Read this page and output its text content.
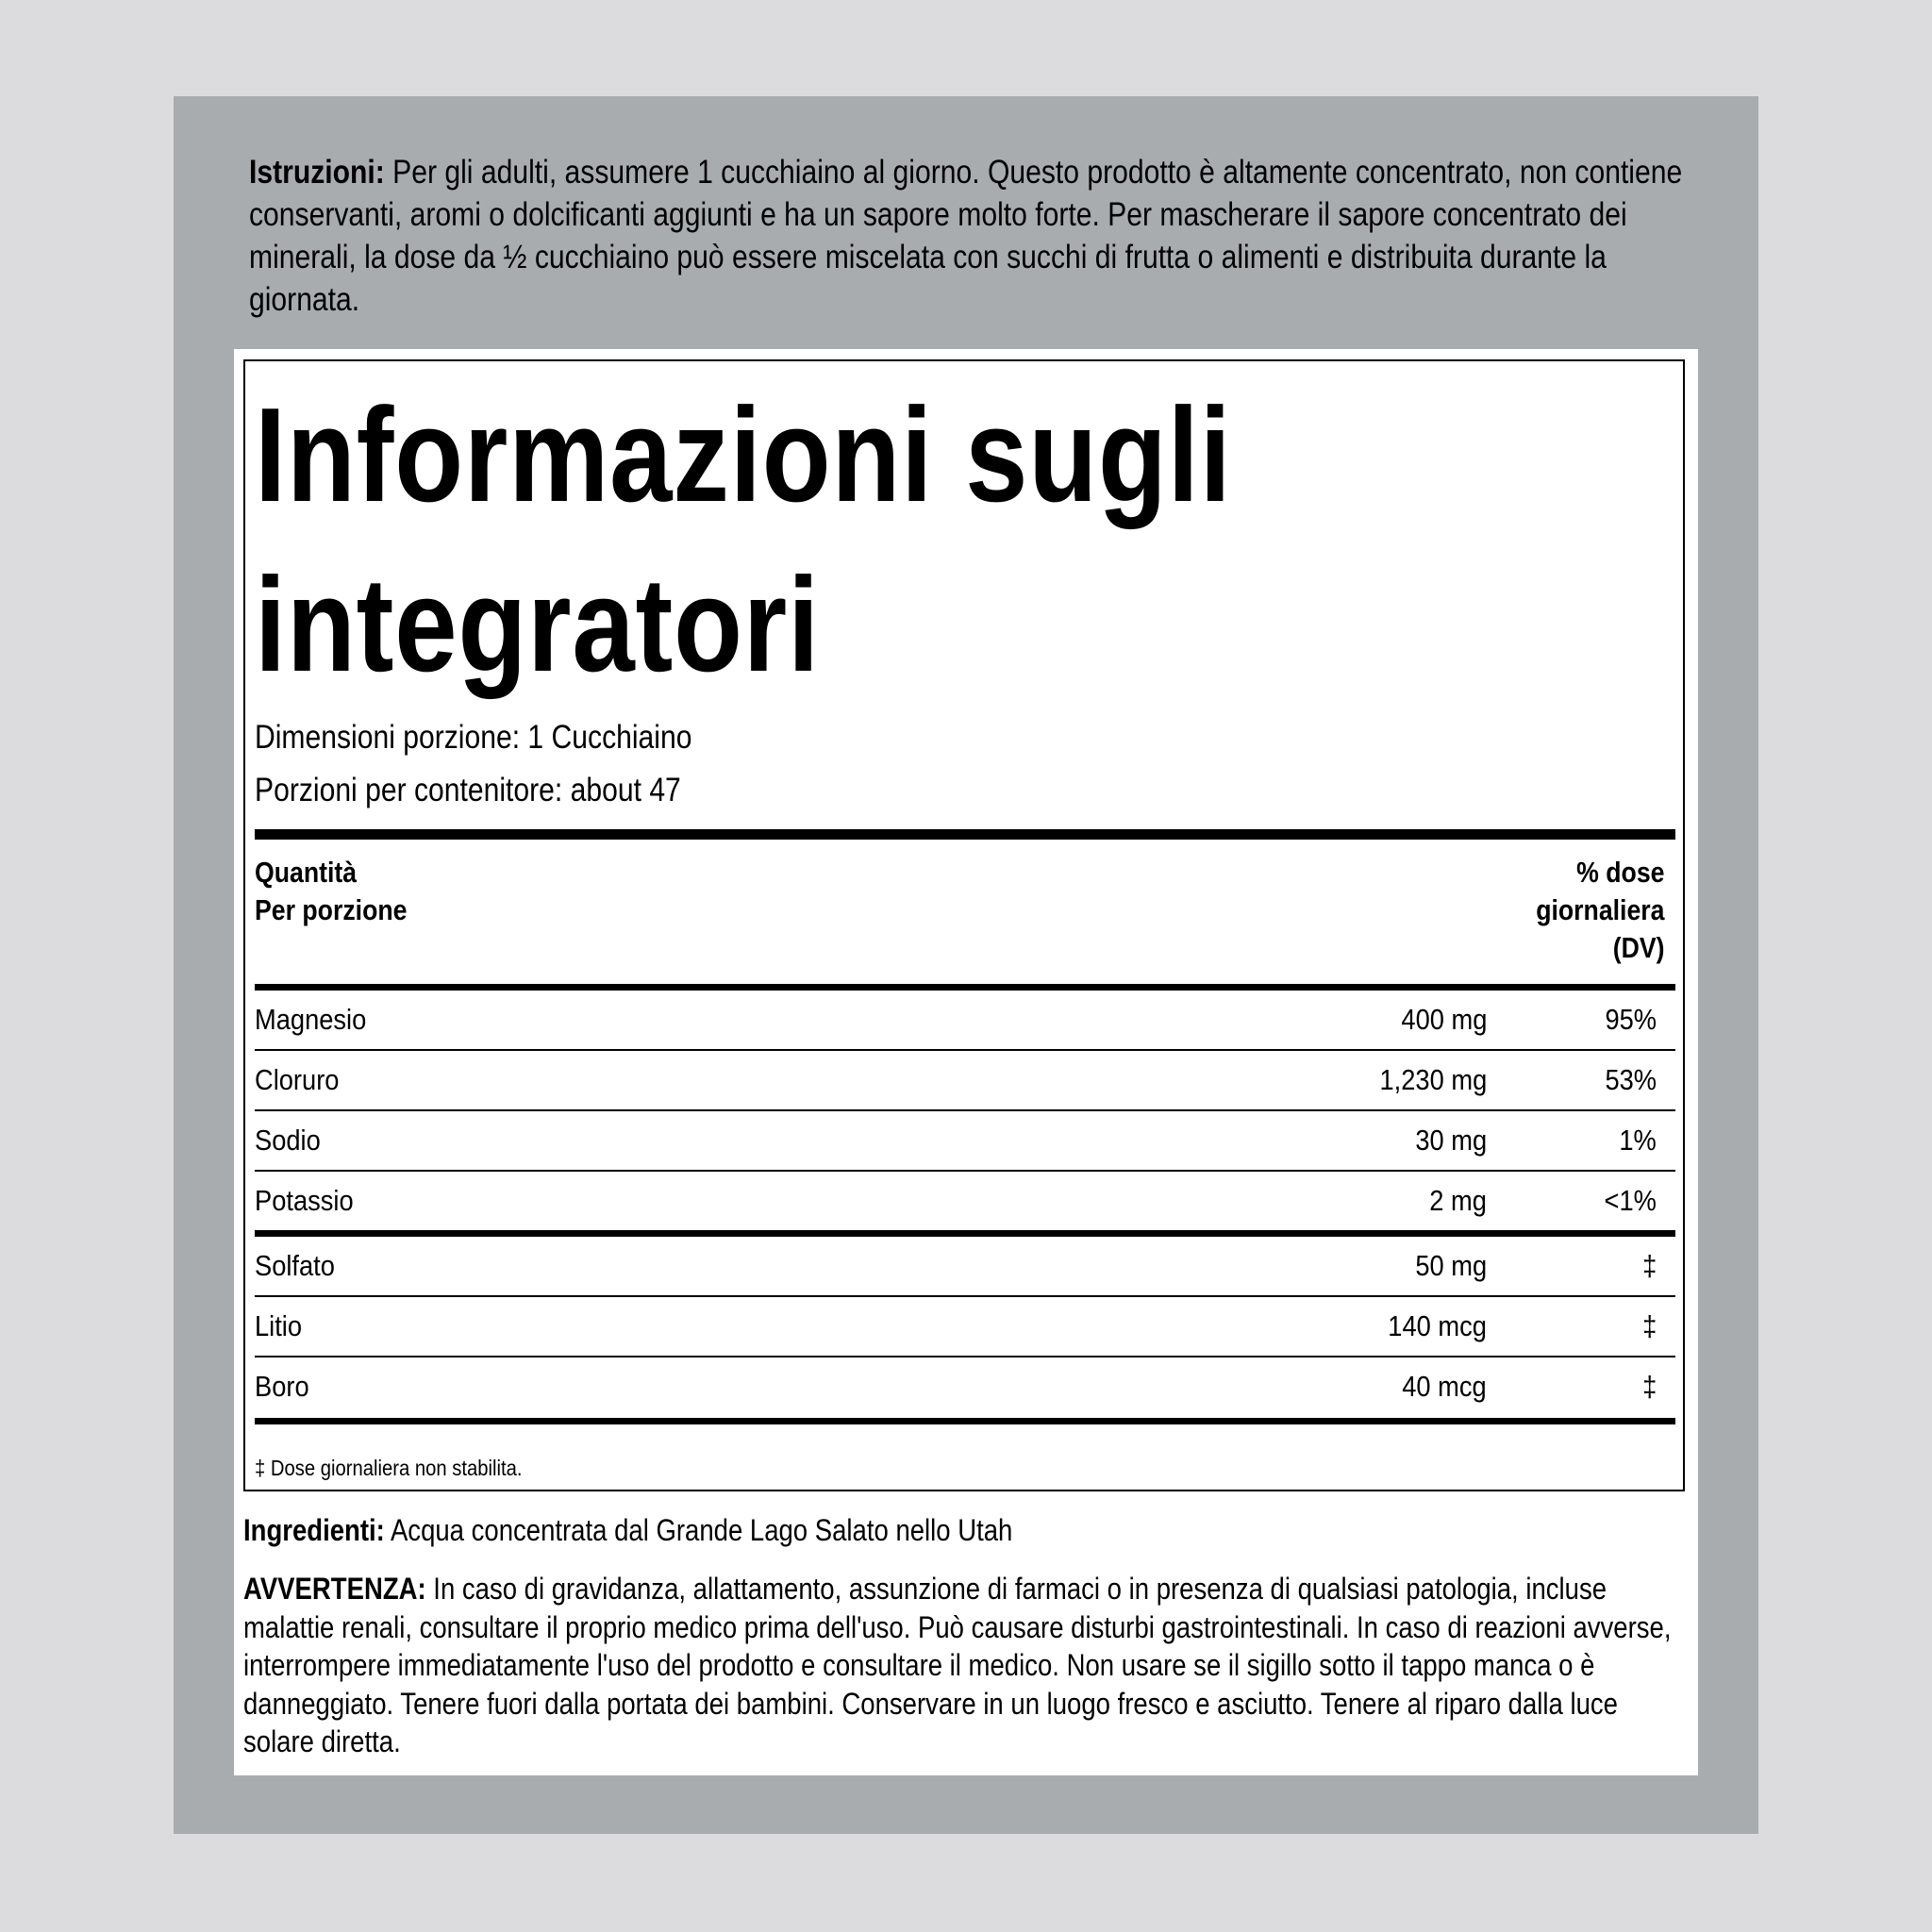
Istruzioni: Per gli adulti, assumere 1 cucchiaino al giorno. Questo prodotto è altamente concentrato, non contiene conservanti, aromi o dolcificanti aggiunti e ha un sapore molto forte. Per mascherare il sapore concentrato dei minerali, la dose da ½ cucchiaino può essere miscelata con succhi di frutta o alimenti e distribuita durante la giornata.
Informazioni sugli
integratori
Dimensioni porzione: 1 Cucchiaino
Porzioni per contenitore: about 47
Quantità
Per porzione
% dose
giornaliera
(DV)
Magnesio	400 mg	95%
Cloruro	1,230 mg	53%
Sodio	30 mg	1%
Potassio	2 mg	<1%
Solfato	50 mg	‡
Litio	140 mcg	‡
Boro	40 mcg	‡
‡ Dose giornaliera non stabilita.
Ingredienti: Acqua concentrata dal Grande Lago Salato nello Utah
AVVERTENZA: In caso di gravidanza, allattamento, assunzione di farmaci o in presenza di qualsiasi patologia, incluse malattie renali, consultare il proprio medico prima dell'uso. Può causare disturbi gastrointestinali. In caso di reazioni avverse, interrompere immediatamente l'uso del prodotto e consultare il medico. Non usare se il sigillo sotto il tappo manca o è danneggiato. Tenere fuori dalla portata dei bambini. Conservare in un luogo fresco e asciutto. Tenere al riparo dalla luce solare diretta.
